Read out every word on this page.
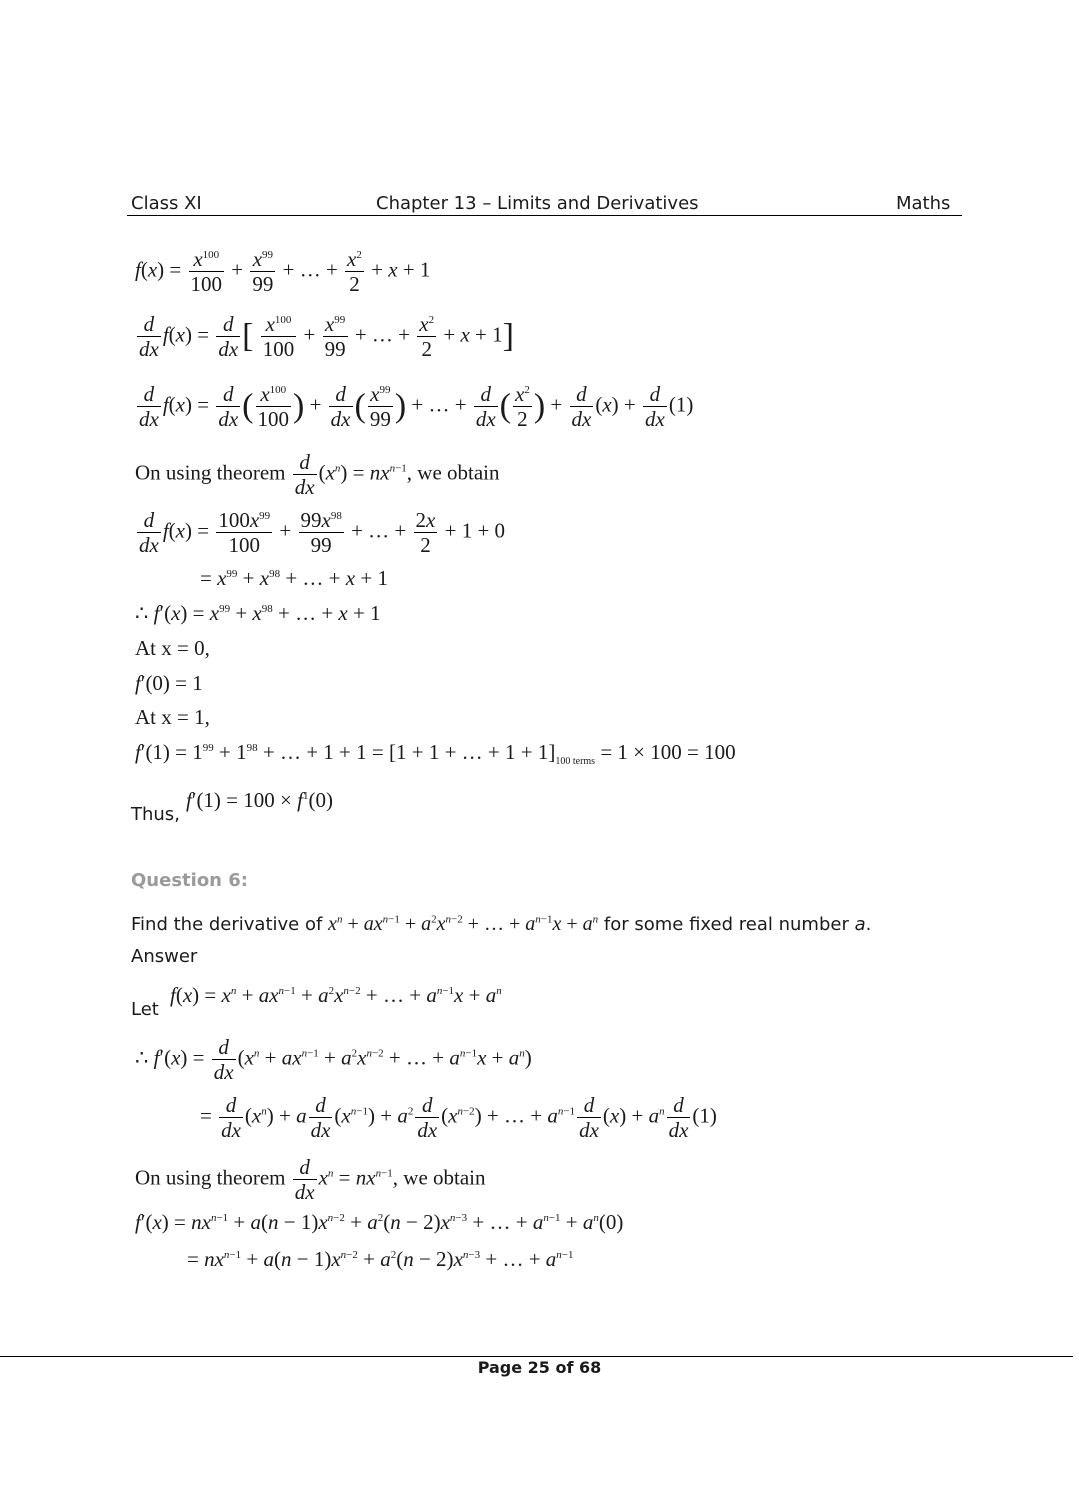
Class XI	Chapter 13 – Limits and Derivatives	Maths
$f(x) = \frac{x^{100}}{100} + \frac{x^{99}}{99}$ + … + $\frac{x^2}{2} + x + 1$
$\frac{d}{dx} f(x) = \frac{d}{dx}$ [ $\frac{x^{100}}{100} + \frac{x^{99}}{99}$ + … + $\frac{x^2}{2} + x + 1$]
$\frac{d}{dx} f(x) = \frac{d}{dx}$ ( $\frac{x^{100}}{100}$ ) + $\frac{d}{dx}$ ( $\frac{x^{99}}{99}$ ) + … + $\frac{d}{dx}$ ( $\frac{x^2}{2}$ ) + $\frac{d}{dx} (x) + \frac{d}{dx} (1)$
On using theorem $\frac{d}{dx} (x^n) = nx^{n-1}$, we obtain
$\frac{d}{dx} f(x) = \frac{100x^{99}}{100} + \frac{99x^{98}}{99}$ + … + $\frac{2x}{2} + 1 + 0$
= $x^{99} + x^{98}$ + … + x + 1
∴ $f'(x) = x^{99} + x^{98}$ + … + x + 1
At x = 0,
f′(0) = 1
At x = 1,
$f'(1) = 1^{99} + 1^{98}$ + … + 1 + 1 = [1 + 1 + … + $1 + 1]_{100 terms} = 1 \times 100 = 100$
Thus,
$f'(1) = 100 \times f^1(0)$
Question 6:
Find the derivative of $x^n + ax^{n-1} + a^2x^{n-2}$ + … + $a^{n-1}x + a^n$ for some fixed real number a.
Answer
Let
$f(x) = x^n + ax^{n-1} + a^2x^{n-2}$ + … + $a^{n-1}x + a^n$
∴ $f'(x) = \frac{d}{dx} (x^n + ax^{n-1} + a^2x^{n-2}$ + … + $a^{n-1}x + a^n$)
= $\frac{d}{dx} (x^n) + a \frac{d}{dx} (x^{n-1}) + a^2 \frac{d}{dx} (x^{n-2})$ + … + $a^{n-1} \frac{d}{dx} (x) + a^n \frac{d}{dx} (1)$
On using theorem $\frac{d}{dx} x^n = nx^{n-1}$, we obtain
$f'(x) = nx^{n-1} + a(n - 1)x^{n-2} + a^2(n - 2)x^{n-3}$ + … + $a^{n-1} + a^n(0)$
= $nx^{n-1} + a(n - 1)x^{n-2} + a^2(n - 2)x^{n-3}$ + … + $a^{n-1}$
Page 25 of 68
